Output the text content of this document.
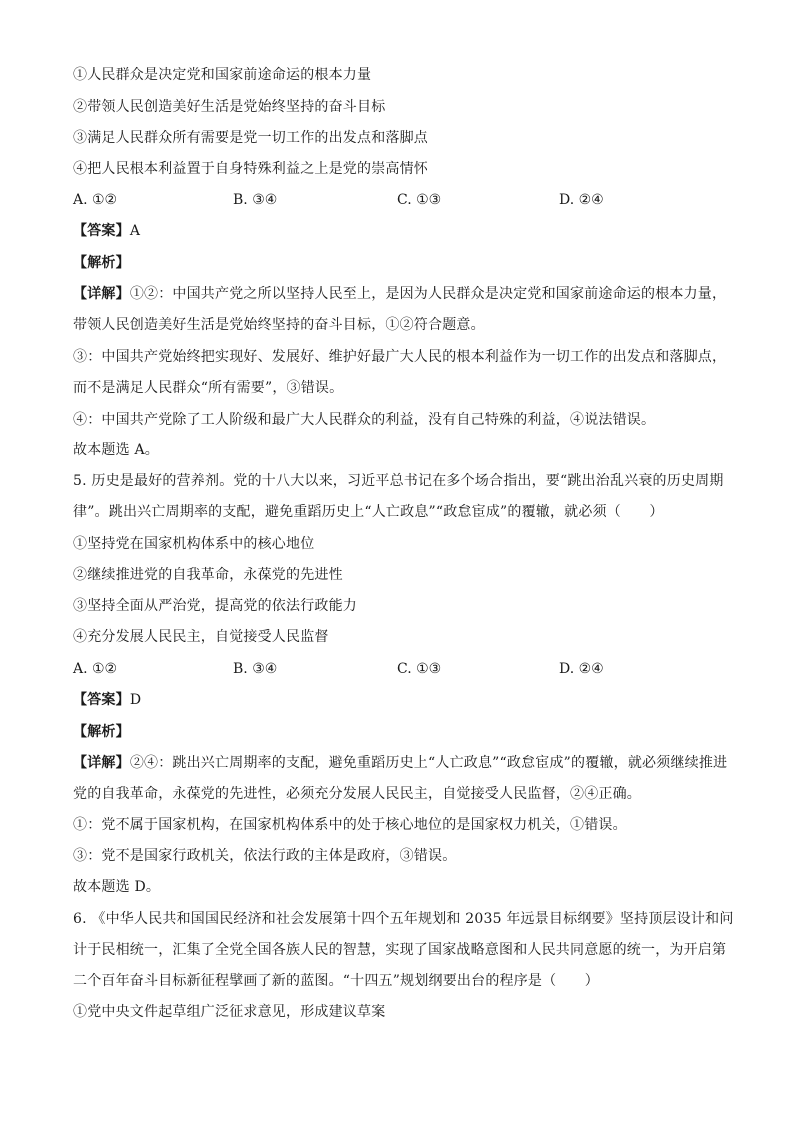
①人民群众是决定党和国家前途命运的根本力量
②带领人民创造美好生活是党始终坚持的奋斗目标
③满足人民群众所有需要是党一切工作的出发点和落脚点
④把人民根本利益置于自身特殊利益之上是党的崇高情怀
A. ①②	B. ③④	C. ①③	D. ②④
【答案】A
【解析】
【详解】①②：中国共产党之所以坚持人民至上，是因为人民群众是决定党和国家前途命运的根本力量，
带领人民创造美好生活是党始终坚持的奋斗目标，①②符合题意。
③：中国共产党始终把实现好、发展好、维护好最广大人民的根本利益作为一切工作的出发点和落脚点，
而不是满足人民群众“所有需要”，③错误。
④：中国共产党除了工人阶级和最广大人民群众的利益，没有自己特殊的利益，④说法错误。
故本题选 A。
5. 历史是最好的营养剂。党的十八大以来，习近平总书记在多个场合指出，要“跳出治乱兴衰的历史周期
律”。跳出兴亡周期率的支配，避免重蹈历史上“人亡政息”“政怠宦成”的覆辙，就必须（　　）
①坚持党在国家机构体系中的核心地位
②继续推进党的自我革命，永葆党的先进性
③坚持全面从严治党，提高党的依法行政能力
④充分发展人民民主，自觉接受人民监督
A. ①②	B. ③④	C. ①③	D. ②④
【答案】D
【解析】
【详解】②④：跳出兴亡周期率的支配，避免重蹈历史上“人亡政息”“政怠宦成”的覆辙，就必须继续推进
党的自我革命，永葆党的先进性，必须充分发展人民民主，自觉接受人民监督，②④正确。
①：党不属于国家机构，在国家机构体系中的处于核心地位的是国家权力机关，①错误。
③：党不是国家行政机关，依法行政的主体是政府，③错误。
故本题选 D。
6. 《中华人民共和国国民经济和社会发展第十四个五年规划和 2035 年远景目标纲要》坚持顶层设计和问
计于民相统一，汇集了全党全国各族人民的智慧，实现了国家战略意图和人民共同意愿的统一，为开启第
二个百年奋斗目标新征程擘画了新的蓝图。“十四五”规划纲要出台的程序是（　　）
①党中央文件起草组广泛征求意见，形成建议草案
